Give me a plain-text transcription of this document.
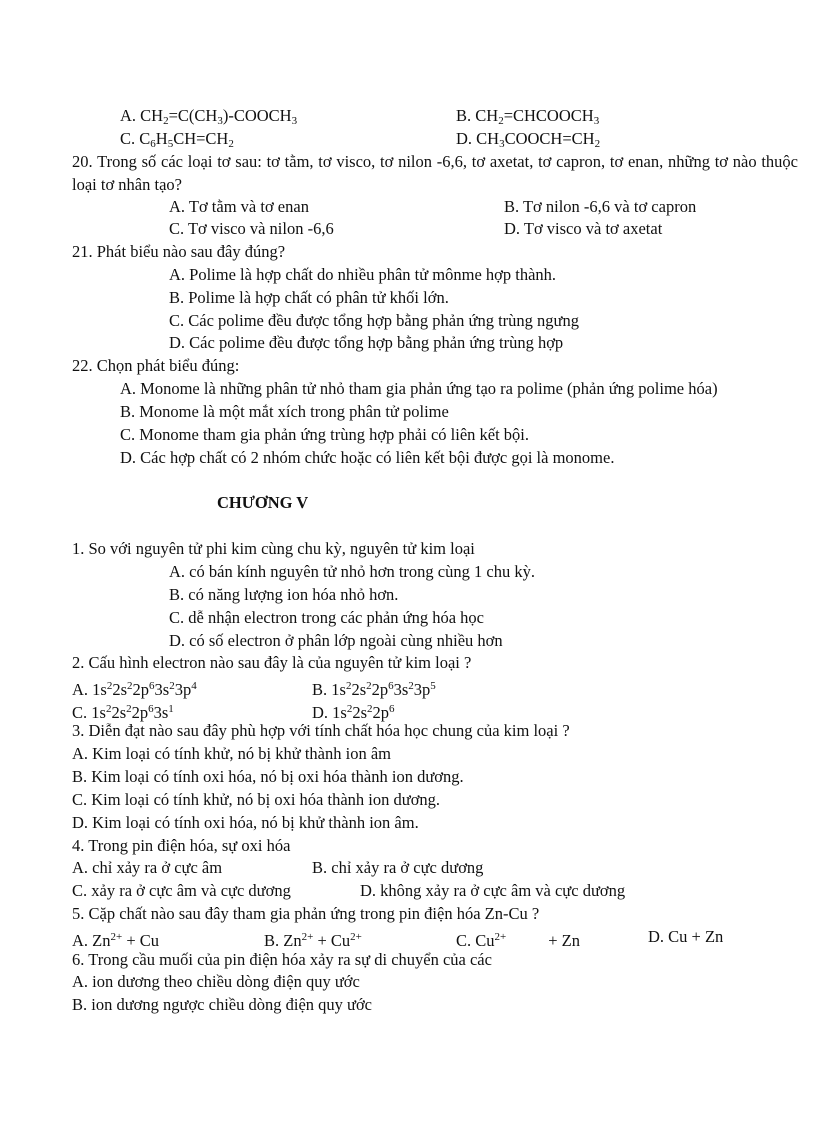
A. $CH_2=C(CH_3)-COOCH_3$	B. $CH_2=CHCOOCH_3$
C. $C_6H_5CH=CH_2$	D. $CH_3COOCH=CH_2$
20. Trong số các loại tơ sau: tơ tằm, tơ visco, tơ nilon -6,6, tơ axetat, tơ capron, tơ enan, những tơ nào thuộc loại tơ nhân tạo?
A. Tơ tằm và tơ enan	B. Tơ nilon -6,6 và tơ capron
C. Tơ visco và nilon -6,6	D. Tơ visco và tơ axetat
21. Phát biểu nào sau đây đúng?
A. Polime là hợp chất do nhiều phân tử mônme hợp thành.
B. Polime là hợp chất có phân tử khối lớn.
C. Các polime đều được tổng hợp bằng phản ứng trùng ngưng
D. Các polime đều được tổng hợp bằng phản ứng trùng hợp
22. Chọn phát biểu đúng:
A. Monome là những phân tử nhỏ tham gia phản ứng tạo ra polime (phản ứng polime hóa)
B. Monome là một mắt xích trong phân tử polime
C. Monome tham gia phản ứng trùng hợp phải có liên kết bội.
D. Các hợp chất có 2 nhóm chức hoặc có liên kết bội được gọi là monome.
CHƯƠNG V
1. So với nguyên tử phi kim cùng chu kỳ, nguyên tử kim loại
A. có bán kính nguyên tử nhỏ hơn trong cùng 1 chu kỳ.
B. có năng lượng ion hóa nhỏ hơn.
C. dễ nhận electron trong các phản ứng hóa học
D. có số electron ở phân lớp ngoài cùng nhiều hơn
2. Cấu hình electron nào sau đây là của nguyên tử kim loại ?
A. $1s^22s^22p^63s^23p^4$	B. $1s^22s^22p^63s^23p^5$
C. $1s^22s^22p^63s^1$	D. $1s^22s^22p^6$
3. Diễn đạt nào sau đây phù hợp với tính chất hóa học chung của kim loại ?
A. Kim loại có tính khử, nó bị khử thành ion âm
B. Kim loại có tính oxi hóa, nó bị oxi hóa thành ion dương.
C. Kim loại có tính khử, nó bị oxi hóa thành ion dương.
D. Kim loại có tính oxi hóa, nó bị khử thành ion âm.
4. Trong pin điện hóa, sự oxi hóa
A. chỉ xảy ra ở cực âm	B. chỉ xảy ra ở cực dương
C. xảy ra ở cực âm và cực dương	D. không xảy ra ở cực âm và cực dương
5. Cặp chất nào sau đây tham gia phản ứng trong pin điện hóa Zn-Cu ?
A. $Zn^{2+} + Cu$	B. $Zn^{2+} + Cu^{2+}$	C. $Cu^{2+}$	+ Zn	D. Cu + Zn
6. Trong cầu muối của pin điện hóa xảy ra sự di chuyển của các
A. ion dương theo chiều dòng điện quy ước
B. ion dương ngược chiều dòng điện quy ước
